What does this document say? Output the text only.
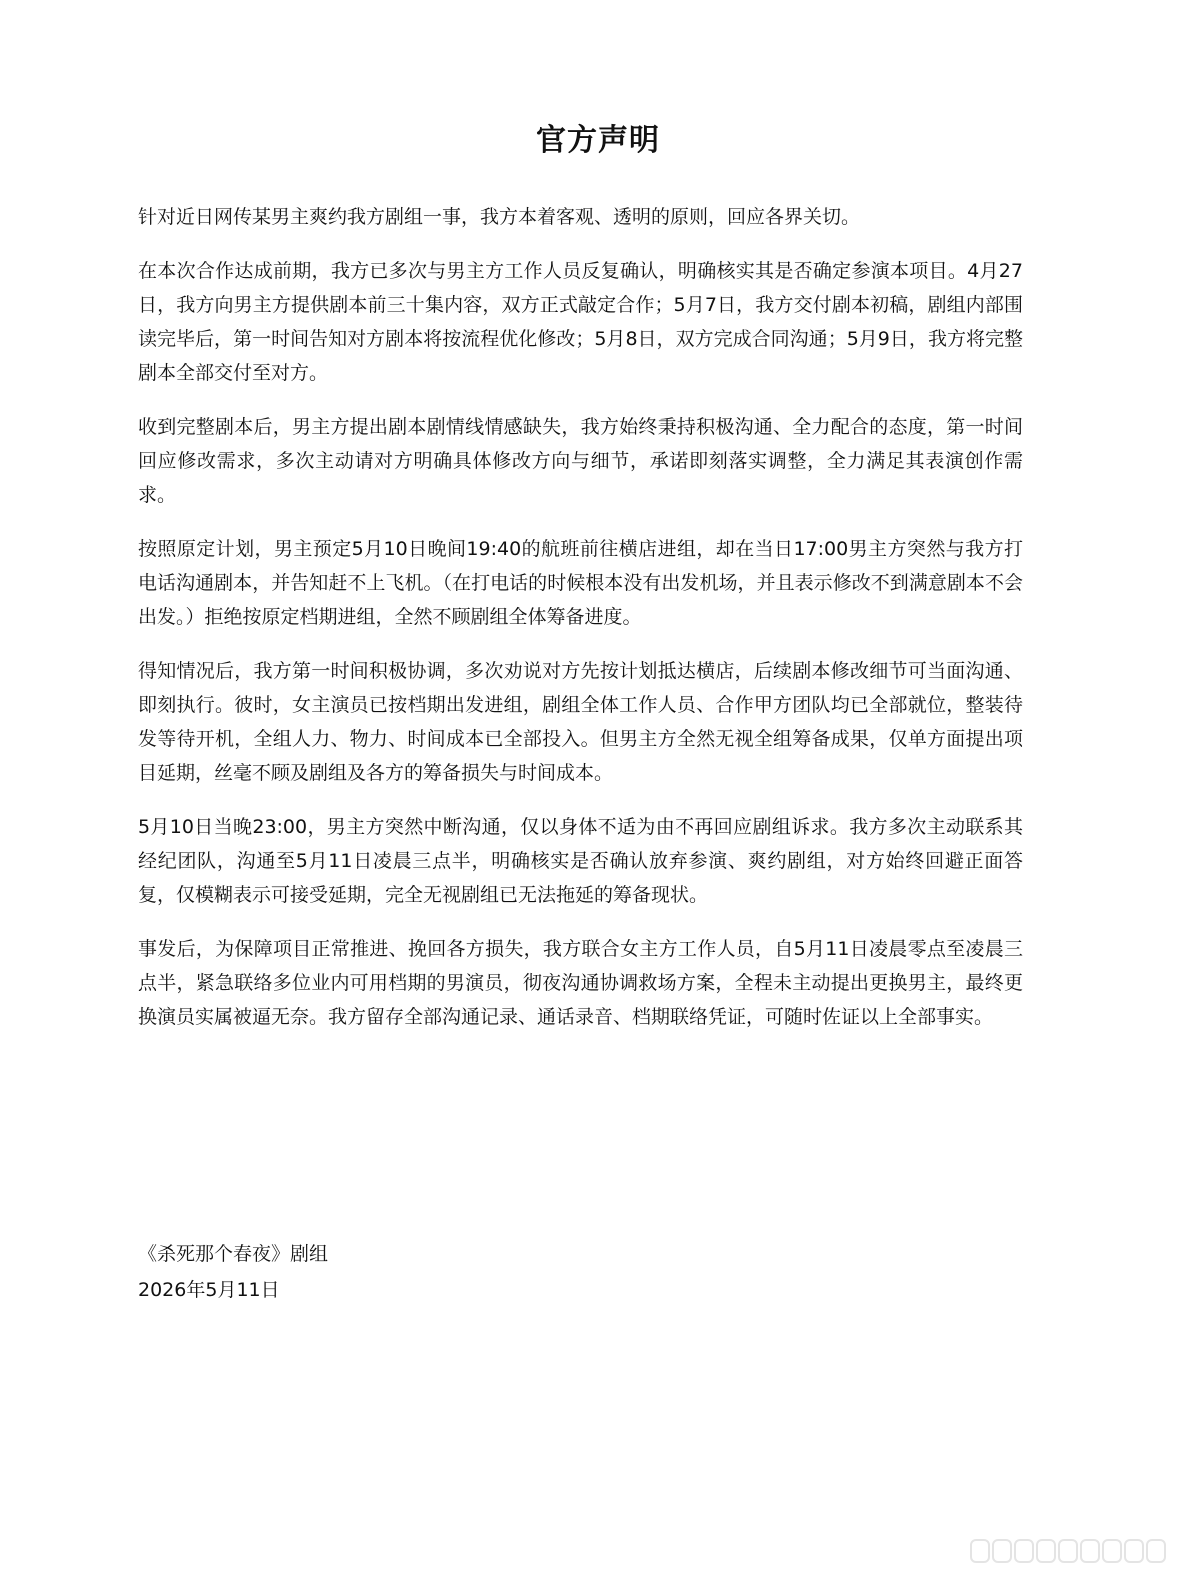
官方声明

针对近日网传某男主爽约我方剧组一事，我方本着客观、透明的原则，回应各界关切。

在本次合作达成前期，我方已多次与男主方工作人员反复确认，明确核实其是否确定参演本项目。4月27日，我方向男主方提供剧本前三十集内容，双方正式敲定合作；5月7日，我方交付剧本初稿，剧组内部围读完毕后，第一时间告知对方剧本将按流程优化修改；5月8日，双方完成合同沟通；5月9日，我方将完整剧本全部交付至对方。

收到完整剧本后，男主方提出剧本剧情线情感缺失，我方始终秉持积极沟通、全力配合的态度，第一时间回应修改需求，多次主动请对方明确具体修改方向与细节，承诺即刻落实调整，全力满足其表演创作需求。

按照原定计划，男主预定5月10日晚间19:40的航班前往横店进组，却在当日17:00男主方突然与我方打电话沟通剧本，并告知赶不上飞机。（在打电话的时候根本没有出发机场，并且表示修改不到满意剧本不会出发。）拒绝按原定档期进组，全然不顾剧组全体筹备进度。

得知情况后，我方第一时间积极协调，多次劝说对方先按计划抵达横店，后续剧本修改细节可当面沟通、即刻执行。彼时，女主演员已按档期出发进组，剧组全体工作人员、合作甲方团队均已全部就位，整装待发等待开机，全组人力、物力、时间成本已全部投入。但男主方全然无视全组筹备成果，仅单方面提出项目延期，丝毫不顾及剧组及各方的筹备损失与时间成本。

5月10日当晚23:00，男主方突然中断沟通，仅以身体不适为由不再回应剧组诉求。我方多次主动联系其经纪团队，沟通至5月11日凌晨三点半，明确核实是否确认放弃参演、爽约剧组，对方始终回避正面答复，仅模糊表示可接受延期，完全无视剧组已无法拖延的筹备现状。

事发后，为保障项目正常推进、挽回各方损失，我方联合女主方工作人员，自5月11日凌晨零点至凌晨三点半，紧急联络多位业内可用档期的男演员，彻夜沟通协调救场方案，全程未主动提出更换男主，最终更换演员实属被逼无奈。我方留存全部沟通记录、通话录音、档期联络凭证，可随时佐证以上全部事实。

《杀死那个春夜》剧组
2026年5月11日
